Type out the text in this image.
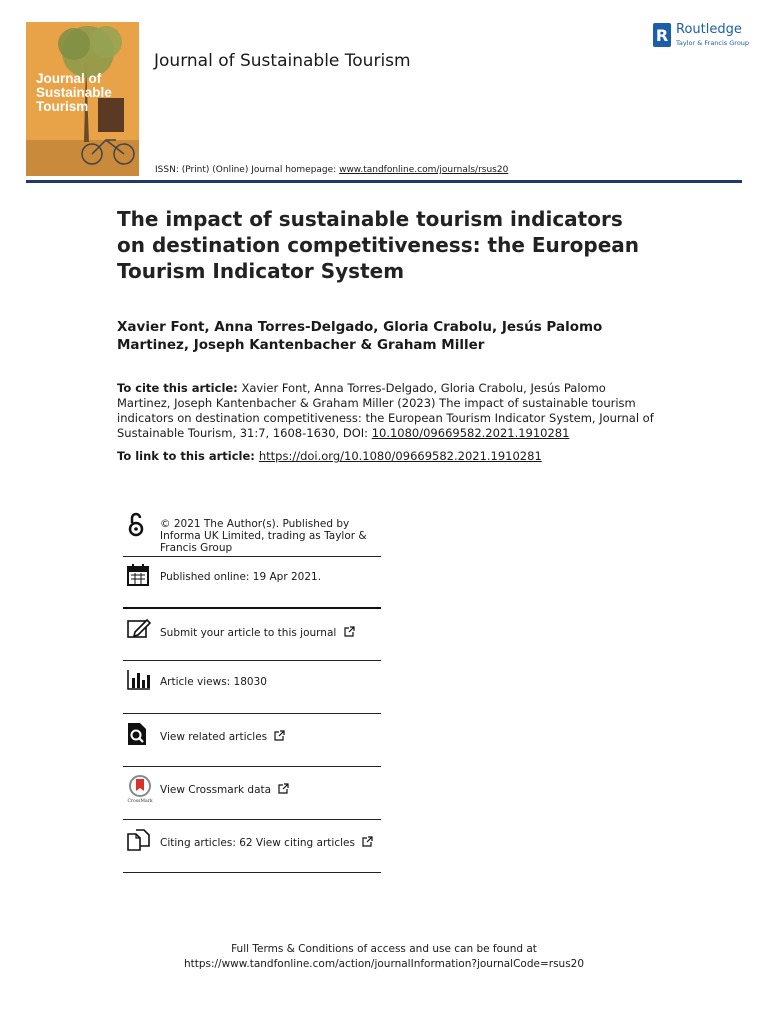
Journal of Sustainable Tourism
Journal of Sustainable Tourism
R Routledge
Taylor & Francis Group
ISSN: (Print) (Online) Journal homepage: www.tandfonline.com/journals/rsus20
The impact of sustainable tourism indicators on destination competitiveness: the European Tourism Indicator System
Xavier Font, Anna Torres-Delgado, Gloria Crabolu, Jesús Palomo Martinez, Joseph Kantenbacher & Graham Miller
To cite this article: Xavier Font, Anna Torres-Delgado, Gloria Crabolu, Jesús Palomo Martinez, Joseph Kantenbacher & Graham Miller (2023) The impact of sustainable tourism indicators on destination competitiveness: the European Tourism Indicator System, Journal of Sustainable Tourism, 31:7, 1608-1630, DOI: 10.1080/09669582.2021.1910281
To link to this article: https://doi.org/10.1080/09669582.2021.1910281
© 2021 The Author(s). Published by Informa UK Limited, trading as Taylor & Francis Group
Published online: 19 Apr 2021.
Submit your article to this journal
Article views: 18030
View related articles
CrossMark
View Crossmark data
Citing articles: 62 View citing articles
Full Terms & Conditions of access and use can be found at
https://www.tandfonline.com/action/journalInformation?journalCode=rsus20
